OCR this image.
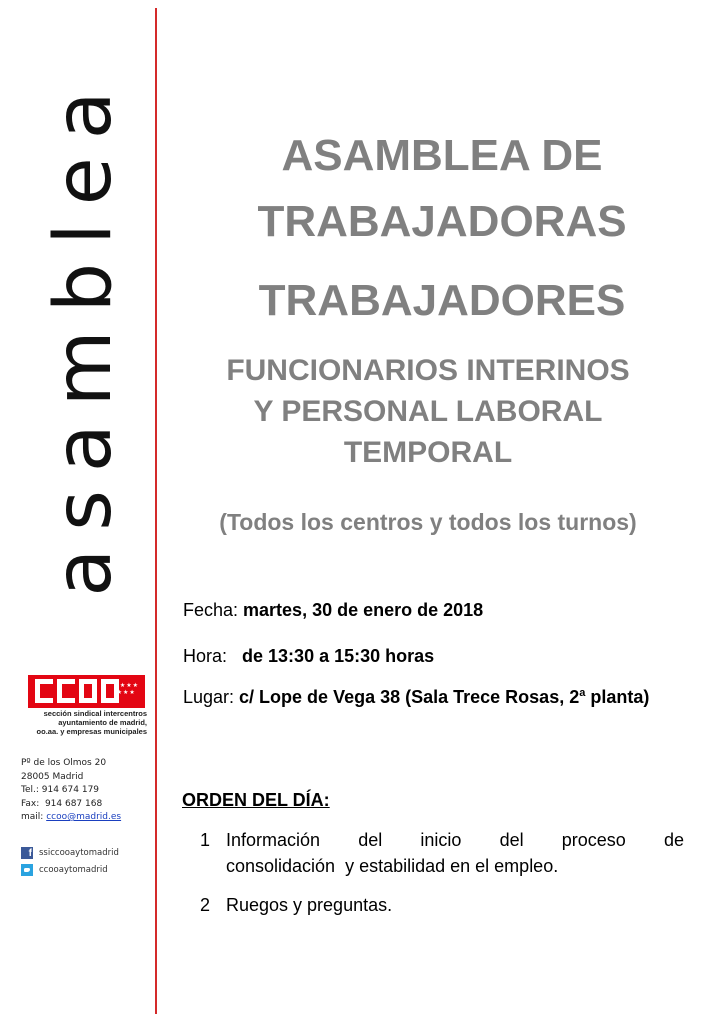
asamblea
★★★★
★★★
sección sindical intercentros
ayuntamiento de madrid,
oo.aa. y empresas municipales
Pº de los Olmos 20
28005 Madrid
Tel.: 914 674 179
Fax:  914 687 168
mail: ccoo@madrid.es
f ssiccooaytomadrid
ccooaytomadrid
ASAMBLEA DE
TRABAJADORAS
TRABAJADORES
FUNCIONARIOS INTERINOS
Y PERSONAL LABORAL
TEMPORAL
(Todos los centros y todos los turnos)
Fecha: martes, 30 de enero de 2018
Hora:   de 13:30 a 15:30 horas
Lugar: c/ Lope de Vega 38 (Sala Trece Rosas, 2$^a$ planta)
ORDEN DEL DÍA:
1 Información del inicio del proceso de
consolidación  y estabilidad en el empleo.
2 Ruegos y preguntas.
